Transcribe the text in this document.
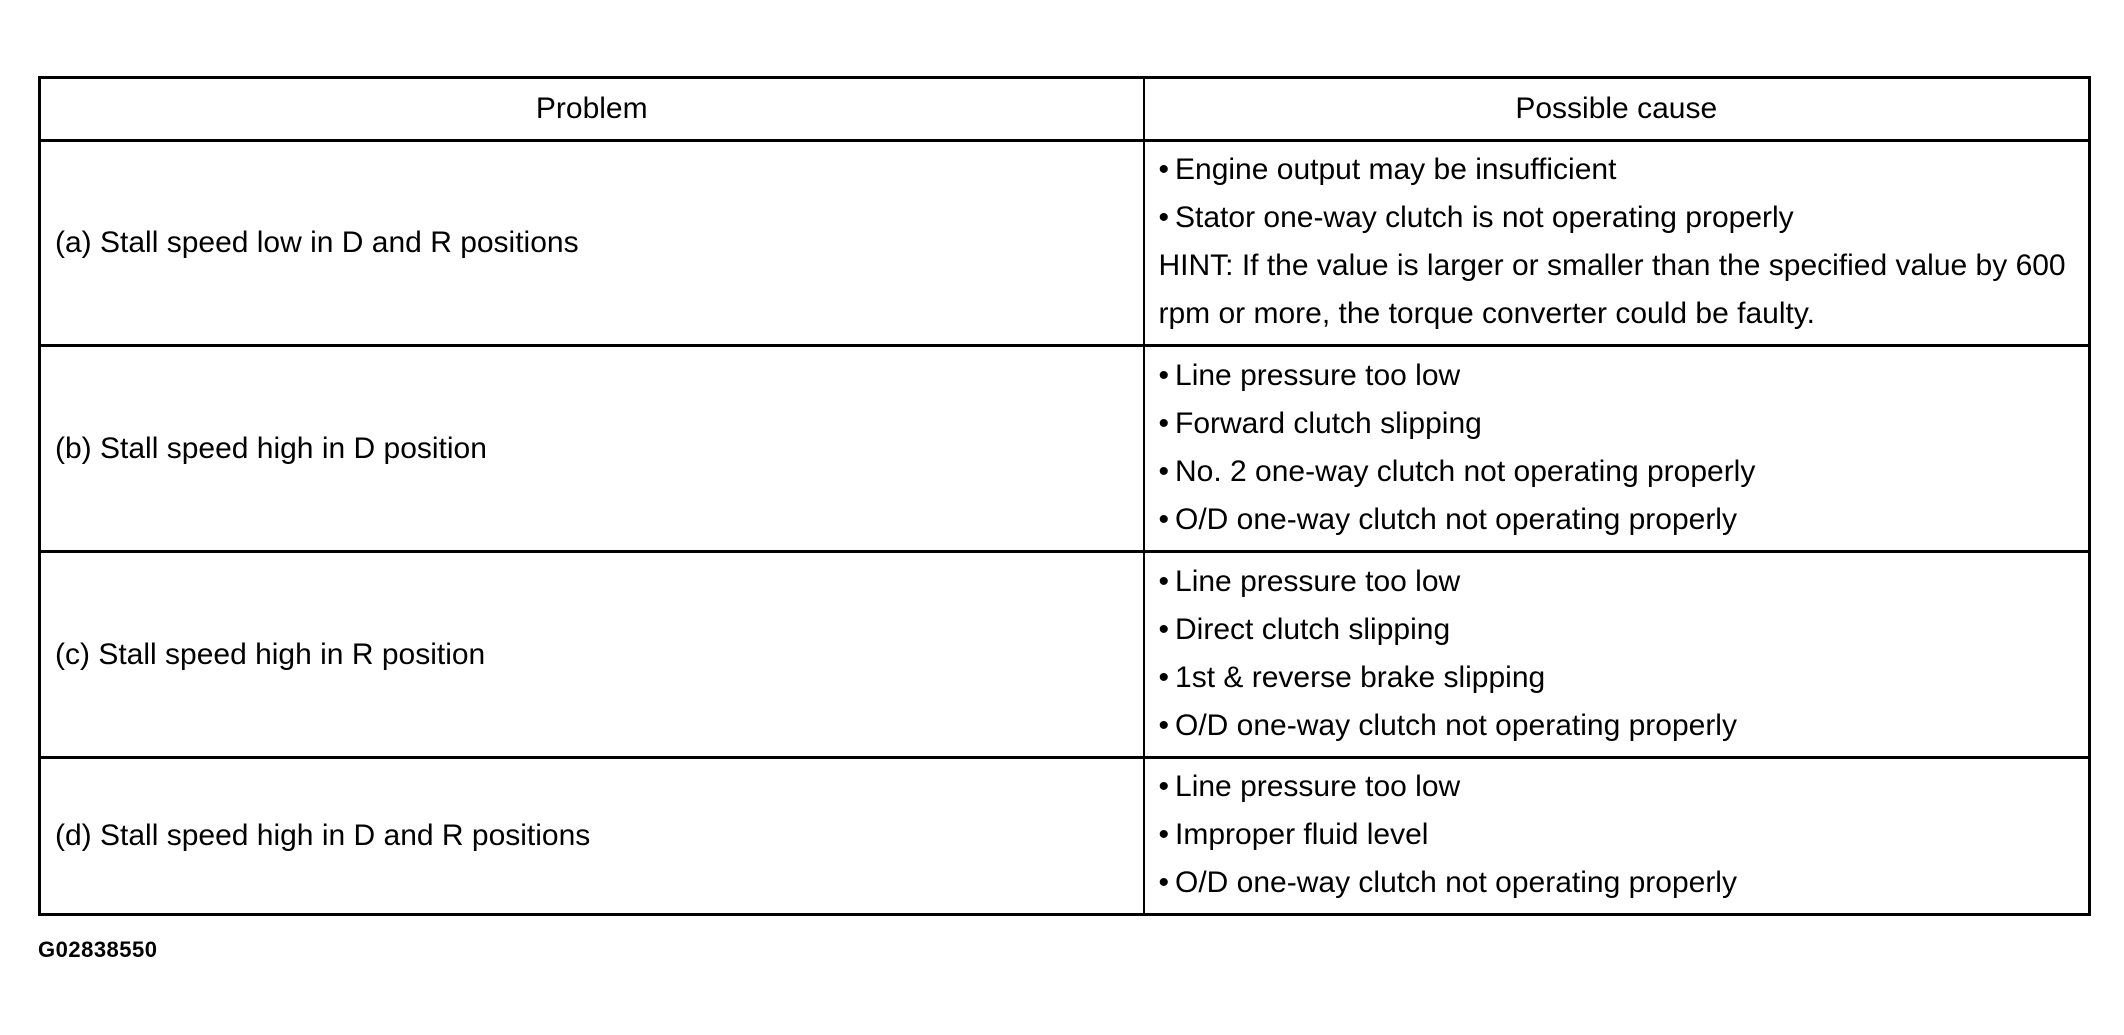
Problem	Possible cause
(a) Stall speed low in D and R positions	• Engine output may be insufficient
• Stator one-way clutch is not operating properly
HINT: If the value is larger or smaller than the specified value by 600 rpm or more, the torque converter could be faulty.

(b) Stall speed high in D position	• Line pressure too low
• Forward clutch slipping
• No. 2 one-way clutch not operating properly
• O/D one-way clutch not operating properly

(c) Stall speed high in R position	• Line pressure too low
• Direct clutch slipping
• 1st & reverse brake slipping
• O/D one-way clutch not operating properly

(d) Stall speed high in D and R positions	• Line pressure too low
• Improper fluid level
• O/D one-way clutch not operating properly
G02838550
